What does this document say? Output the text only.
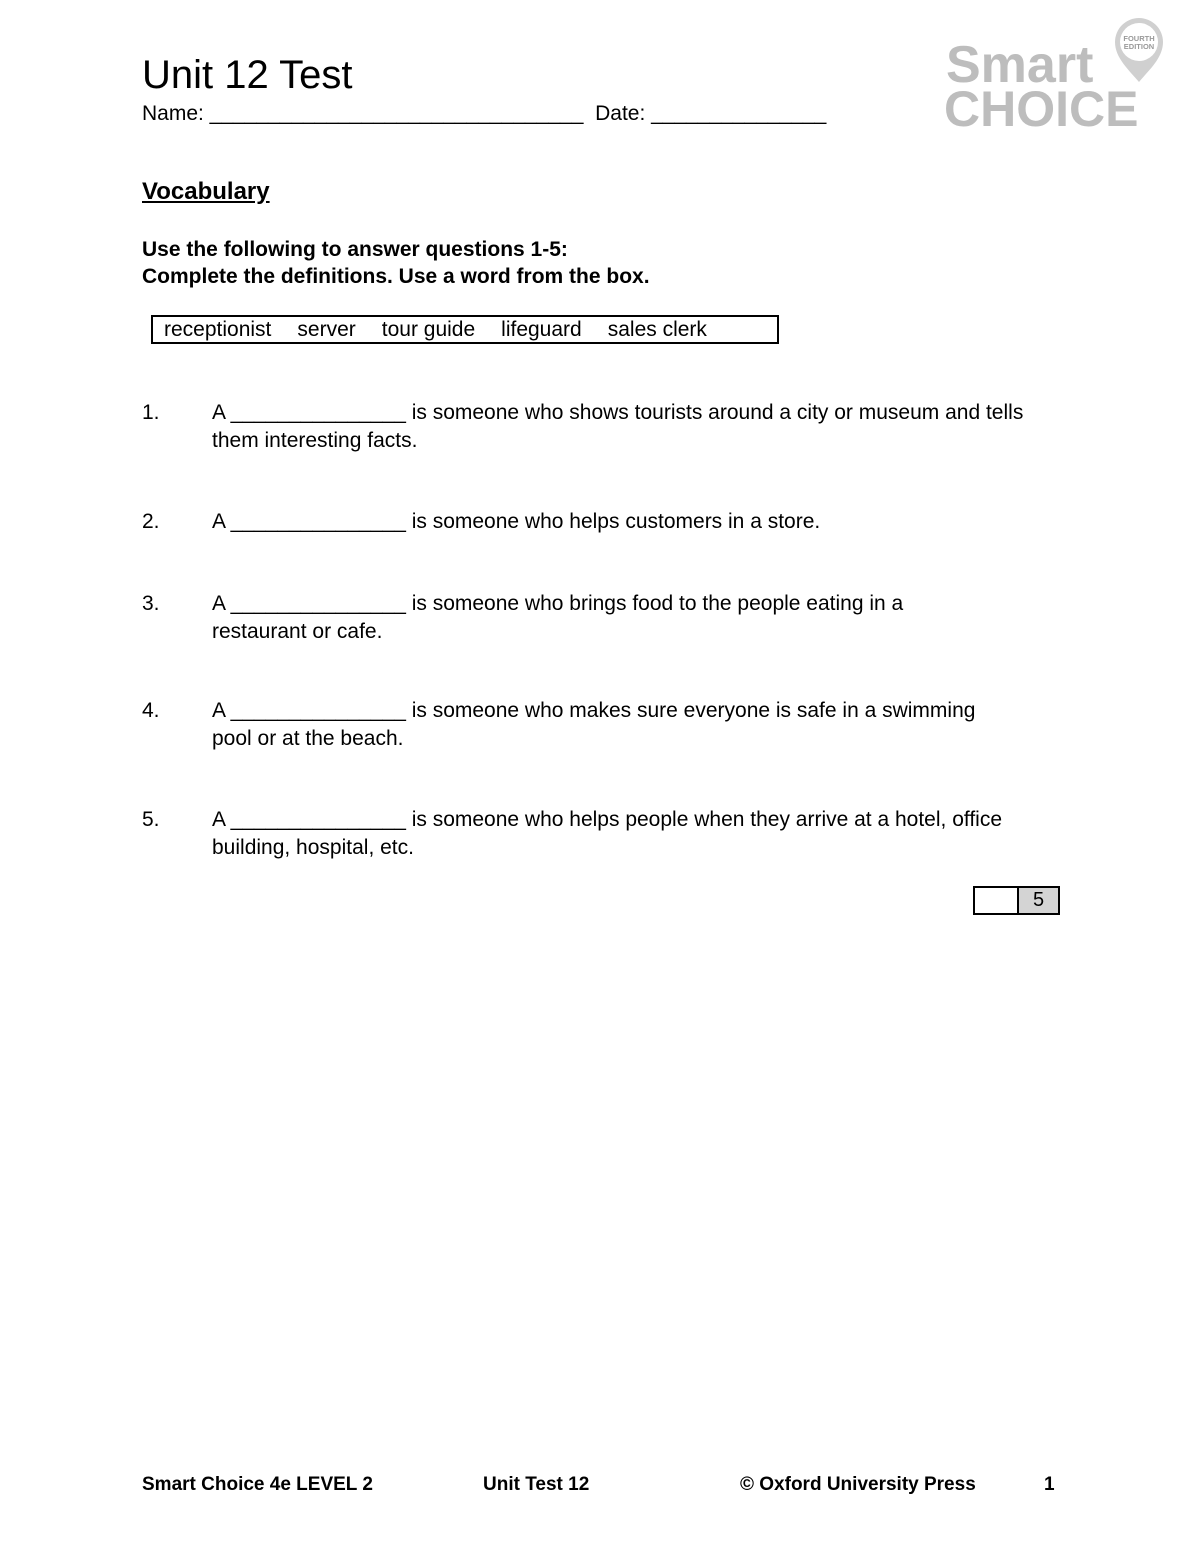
Unit 12 Test
Name: ________________________________ Date: _______________
FOURTH
EDITION
Smart
CHOICE
Vocabulary
Use the following to answer questions 1-5:
Complete the definitions. Use a word from the box.
receptionist server tour guide lifeguard sales clerk
1.	A _______________ is someone who shows tourists around a city or museum and tells them interesting facts.
2.	A _______________ is someone who helps customers in a store.
3.	A _______________ is someone who brings food to the people eating in a restaurant or cafe.
4.	A _______________ is someone who makes sure everyone is safe in a swimming pool or at the beach.
5.	A _______________ is someone who helps people when they arrive at a hotel, office building, hospital, etc.
5
Smart Choice 4e LEVEL 2	Unit Test 12	© Oxford University Press	1
